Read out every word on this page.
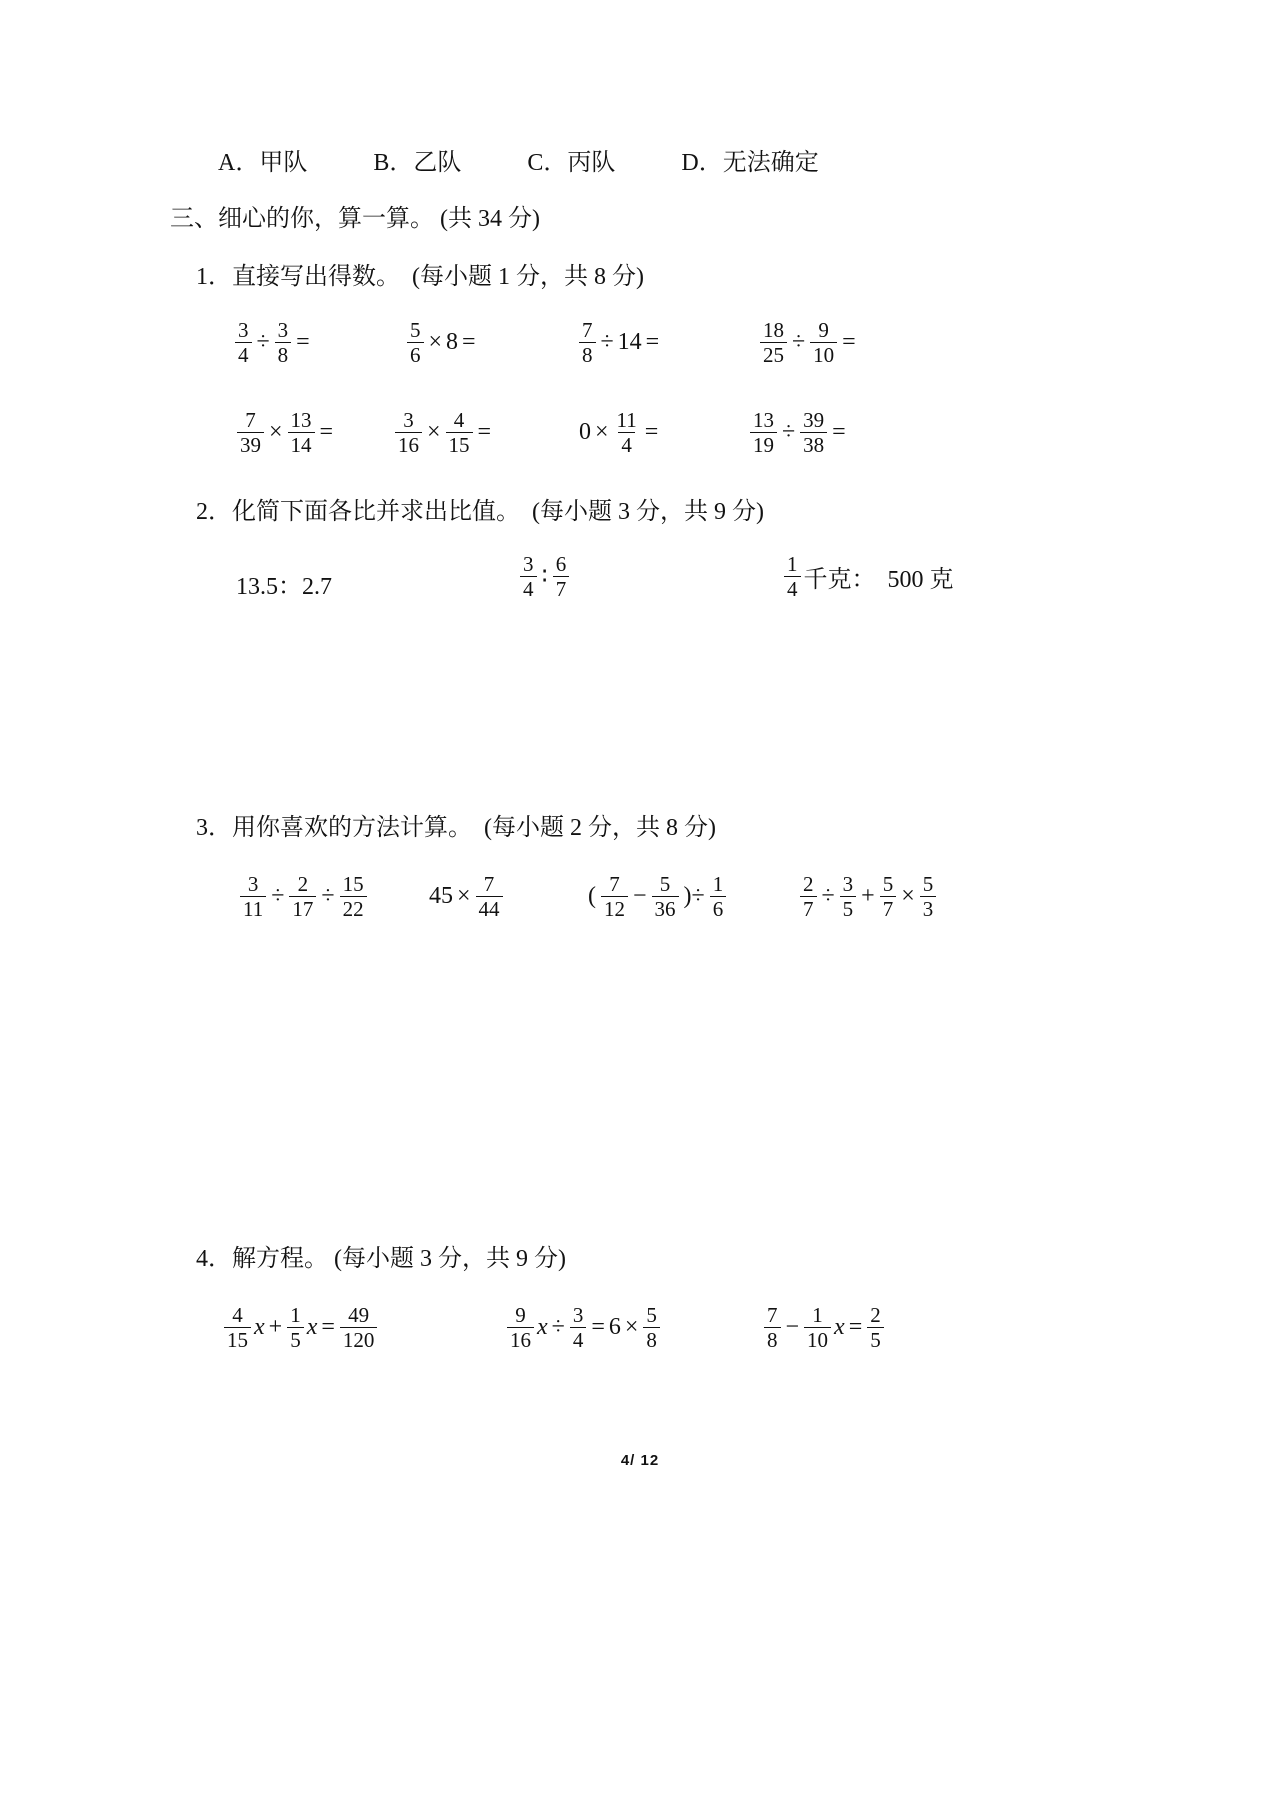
A．甲队	B．乙队	C．丙队	D．无法确定
三、细心的你，算一算。 (共 34 分)
1．直接写出得数。  (每小题 1 分，共 8 分)
$\frac{3}{4} \div \frac{3}{8}$ =	$\frac{5}{6} \times 8$ =	$\frac{7}{8} \div 14$ =	$\frac{18}{25} \div \frac{9}{10}$ =
$\frac{7}{39} \times \frac{13}{14}$ =	$\frac{3}{16} \times \frac{4}{15}$ =	$0 \times \frac{11}{4}$ =	$\frac{13}{19} \div \frac{39}{38}$ =
2．化简下面各比并求出比值。  (每小题 3 分，共 9 分)
13.5：2.7	$\frac{3}{4}$ ∶ $\frac{6}{7}$	$\frac{1}{4}$ 千克：  500 克
3．用你喜欢的方法计算。  (每小题 2 分，共 8 分)
$\frac{3}{11} \div \frac{2}{17} \div \frac{15}{22}$	$45 \times \frac{7}{44}$	( $\frac{7}{12} - \frac{5}{36}$ )÷ $\frac{1}{6}$	$\frac{2}{7} \div \frac{3}{5} + \frac{5}{7} \times \frac{5}{3}$
4．解方程。 (每小题 3 分，共 9 分)
$\frac{4}{15}$ $x + \frac{1}{5}$ $x = \frac{49}{120}$	$\frac{9}{16}$ $x \div \frac{3}{4} = 6 \times \frac{5}{8}$	$\frac{7}{8} - \frac{1}{10}$ $x = \frac{2}{5}$
4/ 12
